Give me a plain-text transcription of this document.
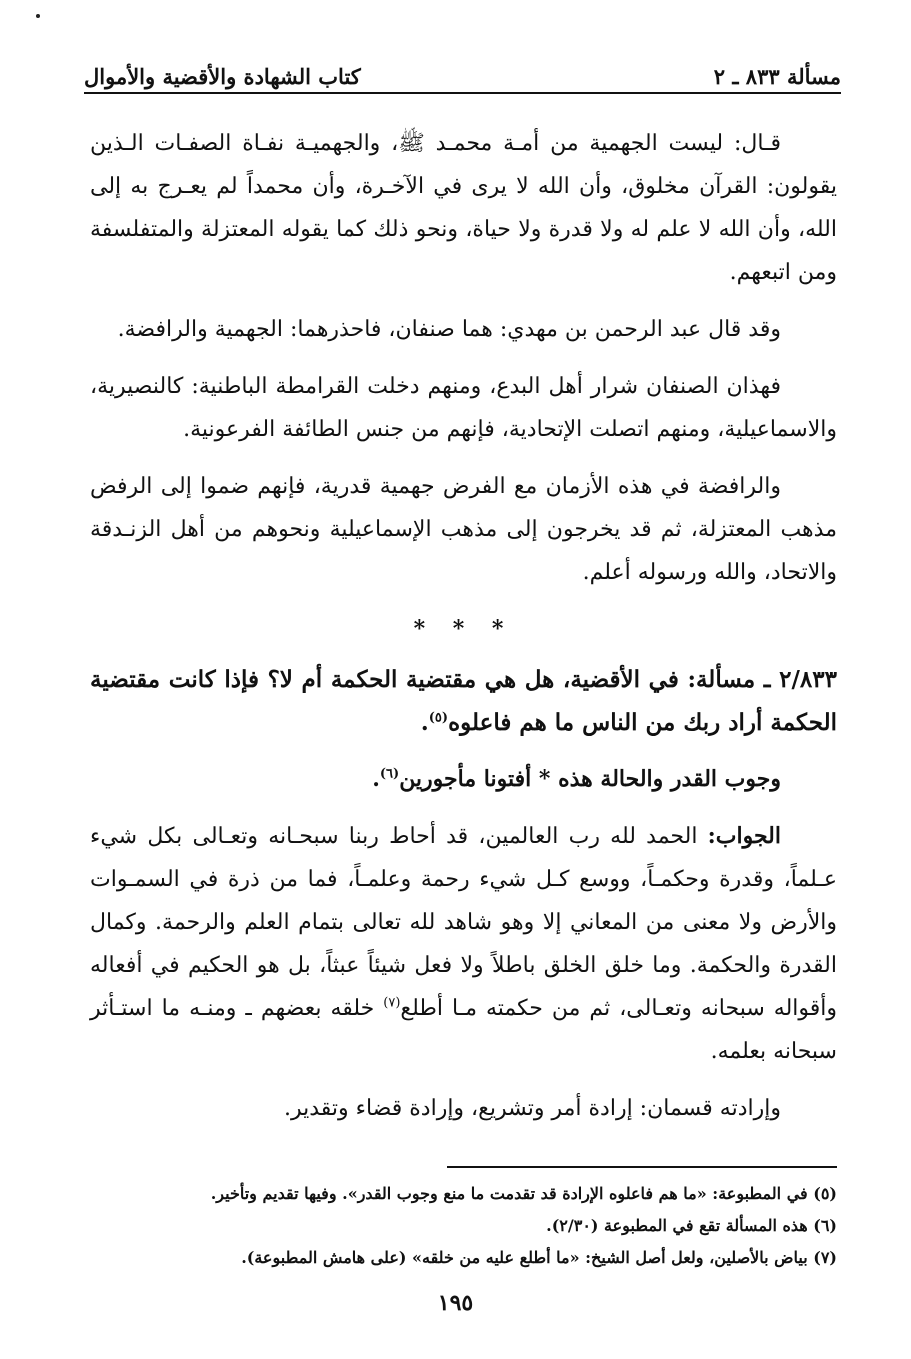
مسألة ٨٣٣ ـ ٢
كتاب الشهادة والأقضية والأموال

قـال: ليست الجهمية من أمـة محمـد ﷺ، والجهميـة نفـاة الصفـات الـذين يقولون: القرآن مخلوق، وأن الله لا يرى في الآخـرة، وأن محمداً لم يعـرج به إلى الله، وأن الله لا علم له ولا قدرة ولا حياة، ونحو ذلك كما يقوله المعتزلة والمتفلسفة ومن اتبعهم.

وقد قال عبد الرحمن بن مهدي: هما صنفان، فاحذرهما: الجهمية والرافضة.

فهذان الصنفان شرار أهل البدع، ومنهم دخلت القرامطة الباطنية: كالنصيرية، والاسماعيلية، ومنهم اتصلت الإتحادية، فإنهم من جنس الطائفة الفرعونية.

والرافضة في هذه الأزمان مع الفرض جهمية قدرية، فإنهم ضموا إلى الرفض مذهب المعتزلة، ثم قد يخرجون إلى مذهب الإسماعيلية ونحوهم من أهل الزنـدقة والاتحاد، والله ورسوله أعلم.

* * *

٢/٨٣٣ ـ مسألة: في الأقضية، هل هي مقتضية الحكمة أم لا؟ فإذا كانت مقتضية الحكمة أراد ربك من الناس ما هم فاعلوه$^{(٥)}$.

وجوب القدر والحالة هذه * أفتونا مأجورين$^{(٦)}$.

الجواب: الحمد لله رب العالمين، قد أحاط ربنا سبحـانه وتعـالى بكل شيء عـلماً، وقدرة وحكمـاً، ووسع كـل شيء رحمة وعلمـاً، فما من ذرة في السمـوات والأرض ولا معنى من المعاني إلا وهو شاهد لله تعالى بتمام العلم والرحمة. وكمال القدرة والحكمة. وما خلق الخلق باطلاً ولا فعل شيئاً عبثاً، بل هو الحكيم في أفعاله وأقواله سبحانه وتعـالى، ثم من حكمته مـا أطلع$^{(٧)}$ خلقه بعضهم ـ ومنـه ما استـأثر سبحانه بعلمه.

وإرادته قسمان: إرادة أمر وتشريع، وإرادة قضاء وتقدير.

(٥) في المطبوعة: «ما هم فاعلوه الإرادة قد تقدمت ما منع وجوب القدر». وفيها تقديم وتأخير.
(٦) هذه المسألة تقع في المطبوعة (٢/٣٠).
(٧) بياض بالأصلين، ولعل أصل الشيخ: «ما أطلع عليه من خلقه» (على هامش المطبوعة).
١٩٥
